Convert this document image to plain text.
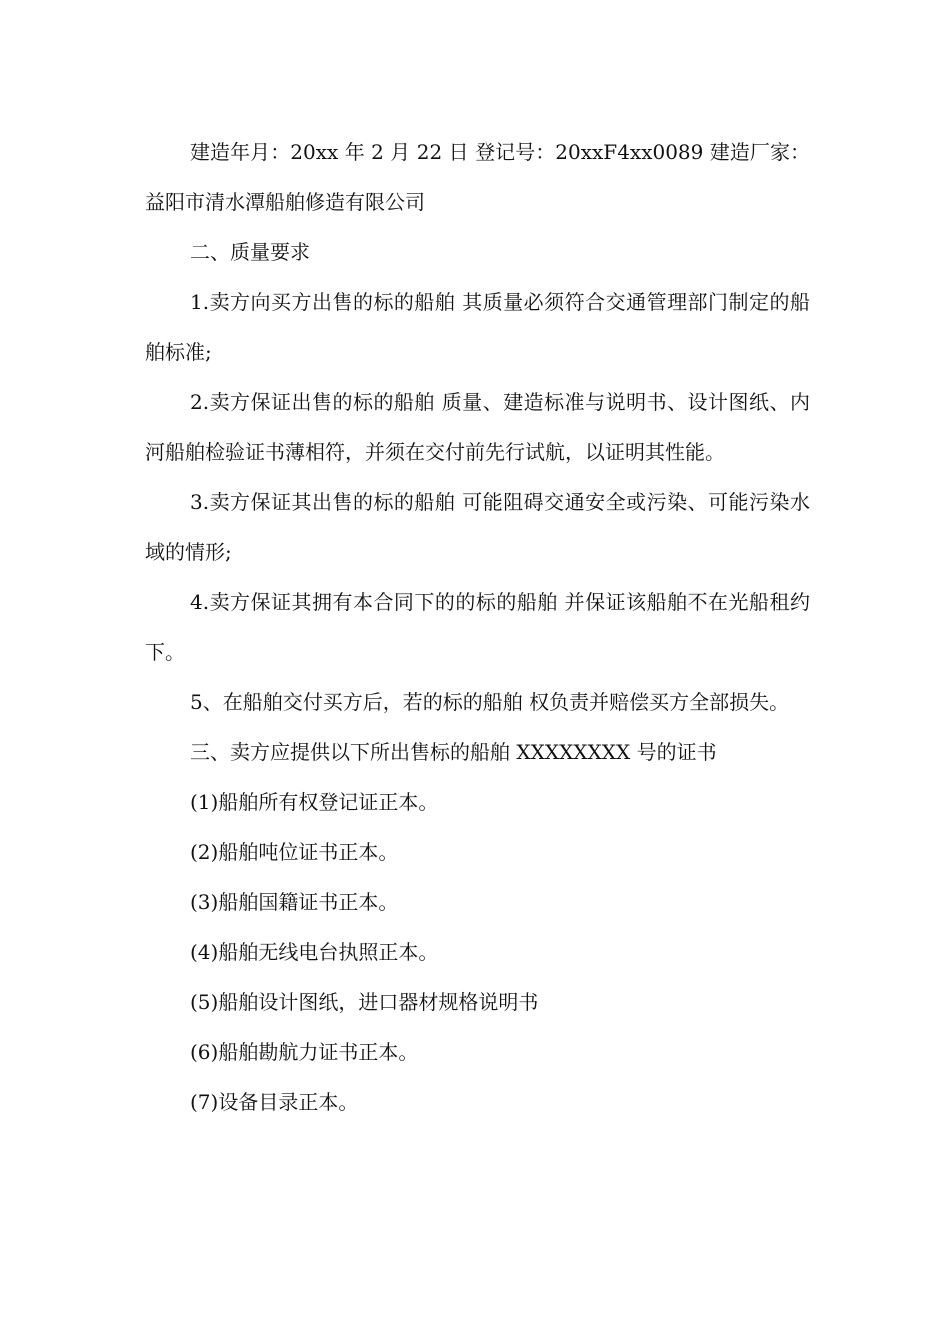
建造年月：20xx 年 2 月 22 日 登记号：20xxF4xx0089 建造厂家：益阳市清水潭船舶修造有限公司

二、质量要求

1.卖方向买方出售的标的船舶 其质量必须符合交通管理部门制定的船舶标准;

2.卖方保证出售的标的船舶 质量、建造标准与说明书、设计图纸、内河船舶检验证书薄相符，并须在交付前先行试航，以证明其性能。

3.卖方保证其出售的标的船舶 可能阻碍交通安全或污染、可能污染水域的情形;

4.卖方保证其拥有本合同下的的标的船舶 并保证该船舶不在光船租约下。

5、在船舶交付买方后，若的标的船舶 权负责并赔偿买方全部损失。

三、卖方应提供以下所出售标的船舶 XXXXXXXX 号的证书

(1)船舶所有权登记证正本。

(2)船舶吨位证书正本。

(3)船舶国籍证书正本。

(4)船舶无线电台执照正本。

(5)船舶设计图纸，进口器材规格说明书

(6)船舶勘航力证书正本。

(7)设备目录正本。
